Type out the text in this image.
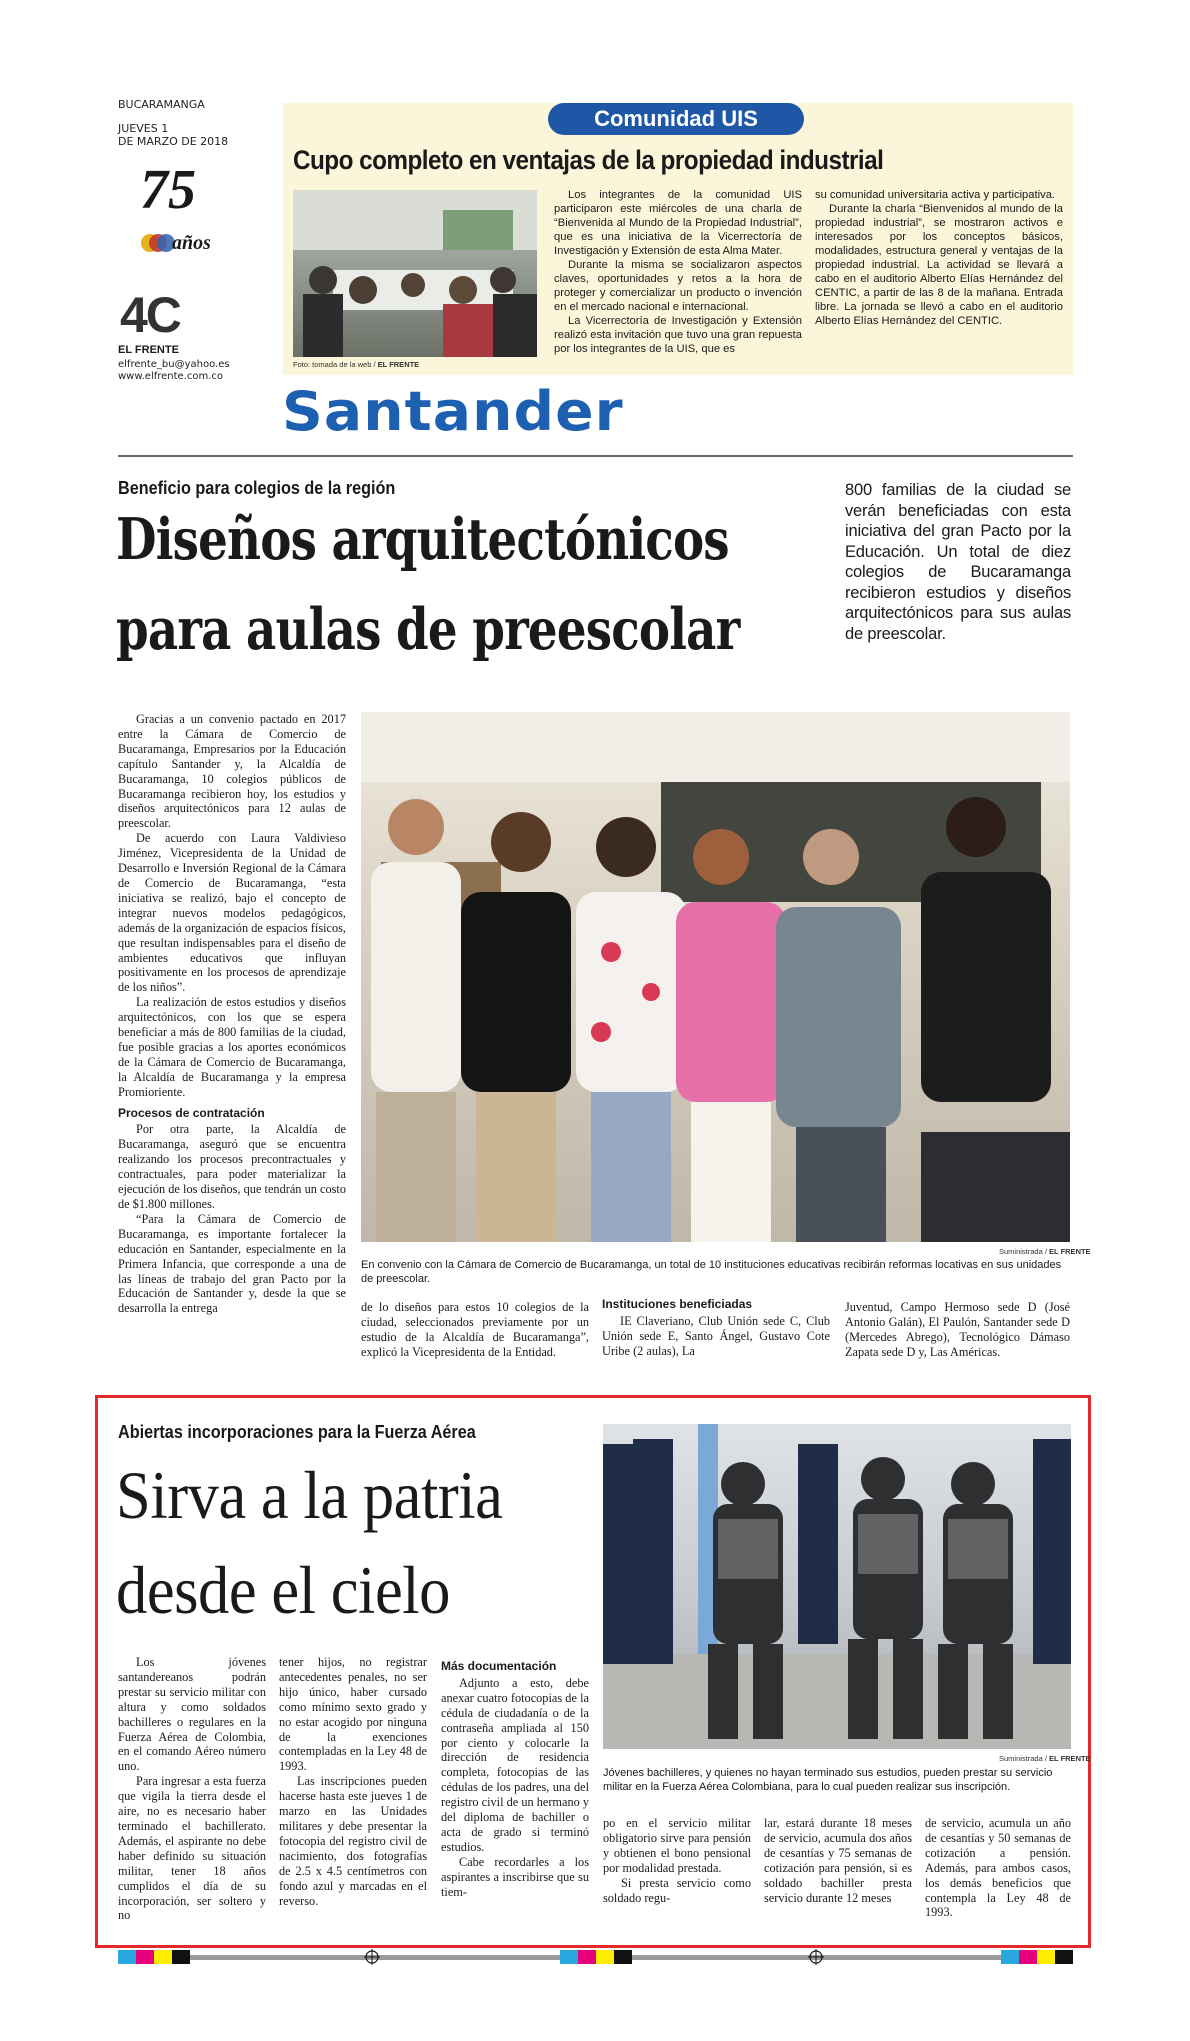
BUCARAMANGA
JUEVES 1
DE MARZO DE 2018
75
años
4C
EL FRENTE
elfrente_bu@yahoo.es
www.elfrente.com.co
Comunidad UIS
Cupo completo en ventajas de la propiedad industrial
Foto: tomada de la web / EL FRENTE

Los integrantes de la comunidad UIS participaron este miércoles de una charla de “Bienvenida al Mundo de la Propiedad Industrial”, que es una iniciativa de la Vicerrectoría de Investigación y Extensión de esta Alma Mater.

Durante la misma se socializaron aspectos claves, oportunidades y retos a la hora de proteger y comercializar un producto o invención en el mercado nacional e internacional.

La Vicerrectoría de Investigación y Extensión realizó esta invitación que tuvo una gran repuesta por los integrantes de la UIS, que es

su comunidad universitaria activa y participativa.

Durante la charla “Bienvenidos al mundo de la propiedad industrial”, se mostraron activos e interesados por los conceptos básicos, modalidades, estructura general y ventajas de la propiedad industrial. La actividad se llevará a cabo en el auditorio Alberto Elías Hernández del CENTIC, a partir de las 8 de la mañana. Entrada libre. La jornada se llevó a cabo en el auditorio Alberto Elías Hernández del CENTIC.

Santander
Beneficio para colegios de la región
Diseños arquitectónicos
para aulas de preescolar
800 familias de la ciudad se verán beneficiadas con esta iniciativa del gran Pacto por la Educación. Un total de diez colegios de Bucaramanga recibieron estudios y diseños arquitectónicos para sus aulas de preescolar.

Gracias a un convenio pactado en 2017 entre la Cámara de Comercio de Bucaramanga, Empresarios por la Educación capítulo Santander y, la Alcaldía de Bucaramanga, 10 colegios públicos de Bucaramanga recibieron hoy, los estudios y diseños arquitectónicos para 12 aulas de preescolar.

De acuerdo con Laura Valdivieso Jiménez, Vicepresidenta de la Unidad de Desarrollo e Inversión Regional de la Cámara de Comercio de Bucaramanga, “esta iniciativa se realizó, bajo el concepto de integrar nuevos modelos pedagógicos, además de la organización de espacios físicos, que resultan indispensables para el diseño de ambientes educativos que influyan positivamente en los procesos de aprendizaje de los niños”.

La realización de estos estudios y diseños arquitectónicos, con los que se espera beneficiar a más de 800 familias de la ciudad, fue posible gracias a los aportes económicos de la Cámara de Comercio de Bucaramanga, la Alcaldía de Bucaramanga y la empresa Promioriente.

Procesos de contratación

Por otra parte, la Alcaldía de Bucaramanga, aseguró que se encuentra realizando los procesos precontractuales y contractuales, para poder materializar la ejecución de los diseños, que tendrán un costo de $1.800 millones.

“Para la Cámara de Comercio de Bucaramanga, es importante fortalecer la educación en Santander, especialmente en la Primera Infancia, que corresponde a una de las líneas de trabajo del gran Pacto por la Educación de Santander y, desde la que se desarrolla la entrega

Suministrada / EL FRENTE
En convenio con la Cámara de Comercio de Bucaramanga, un total de 10 instituciones educativas recibirán reformas locativas en sus unidades de preescolar.
de lo diseños para estos 10 colegios de la ciudad, seleccionados previamente por un estudio de la Alcaldía de Bucaramanga”, explicó la Vicepresidenta de la Entidad.
Instituciones beneficiadas

IE Claveriano, Club Unión sede C, Club Unión sede E, Santo Ángel, Gustavo Cote Uribe (2 aulas), La

Juventud, Campo Hermoso sede D (José Antonio Galán), El Paulón, Santander sede D (Mercedes Abrego), Tecnológico Dámaso Zapata sede D y, Las Américas.
Abiertas incorporaciones para la Fuerza Aérea
Sirva a la patria
desde el cielo
Suministrada / EL FRENTE
Jóvenes bachilleres, y quienes no hayan terminado sus estudios, pueden prestar su servicio militar en la Fuerza Aérea Colombiana, para lo cual pueden realizar sus inscripción.

Los jóvenes santandereanos podrán prestar su servicio militar con altura y como soldados bachilleres o regulares en la Fuerza Aérea de Colombia, en el comando Aéreo número uno.

Para ingresar a esta fuerza que vigila la tierra desde el aire, no es necesario haber terminado el bachillerato. Además, el aspirante no debe haber definido su situación militar, tener 18 años cumplidos el día de su incorporación, ser soltero y no

tener hijos, no registrar antecedentes penales, no ser hijo único, haber cursado como mínimo sexto grado y no estar acogido por ninguna de la exenciones contempladas en la Ley 48 de 1993.

Las inscripciones pueden hacerse hasta este jueves 1 de marzo en las Unidades militares y debe presentar la fotocopia del registro civil de nacimiento, dos fotografías de 2.5 x 4.5 centímetros con fondo azul y marcadas en el reverso.

Más documentación

Adjunto a esto, debe anexar cuatro fotocopias de la cédula de ciudadanía o de la contraseña ampliada al 150 por ciento y colocarle la dirección de residencia completa, fotocopias de las cédulas de los padres, una del registro civil de un hermano y del diploma de bachiller o acta de grado si terminó estudios.

Cabe recordarles a los aspirantes a inscribirse que su tiem-

po en el servicio militar obligatorio sirve para pensión y obtienen el bono pensional por modalidad prestada.

Si presta servicio como soldado regu-

lar, estará durante 18 meses de servicio, acumula dos años de cesantías y 75 semanas de cotización para pensión, si es soldado bachiller presta servicio durante 12 meses
de servicio, acumula un año de cesantías y 50 semanas de cotización a pensión. Además, para ambos casos, los demás beneficios que contempla la Ley 48 de 1993.
